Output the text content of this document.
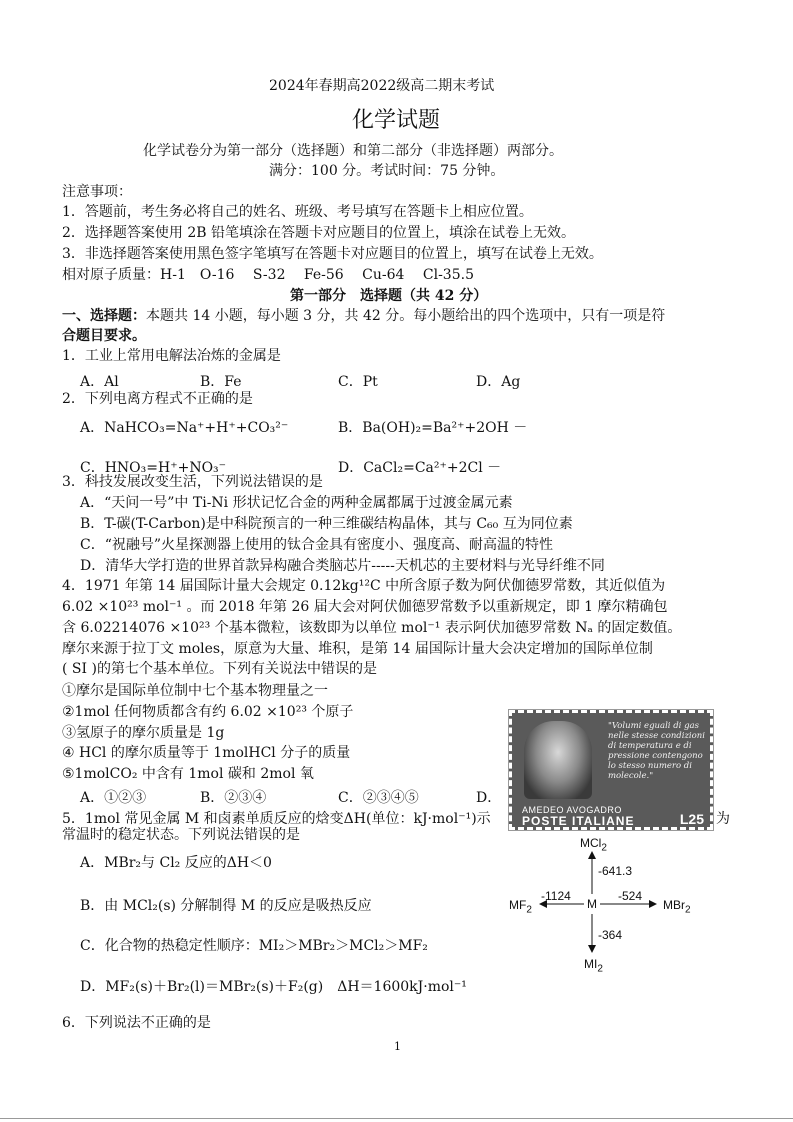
2024年春期高2022级高二期末考试
化学试题
化学试卷分为第一部分（选择题）和第二部分（非选择题）两部分。
满分：100 分。考试时间：75 分钟。
注意事项：
1．答题前，考生务必将自己的姓名、班级、考号填写在答题卡上相应位置。
2．选择题答案使用 2B 铅笔填涂在答题卡对应题目的位置上，填涂在试卷上无效。
3．非选择题答案使用黑色签字笔填写在答题卡对应题目的位置上，填写在试卷上无效。
相对原子质量：H-1　O-16　 S-32　 Fe-56　 Cu-64　 Cl-35.5
第一部分　选择题（共 42 分）
一、选择题：本题共 14 小题，每小题 3 分，共 42 分。每小题给出的四个选项中，只有一项是符
合题目要求。
1．工业上常用电解法冶炼的金属是
A．Al	B．Fe	C．Pt	D．Ag
2．下列电离方程式不正确的是
A．NaHCO₃=Na⁺+H⁺+CO₃²⁻	B．Ba(OH)₂=Ba²⁺+2OH －
C．HNO₃=H⁺+NO₃⁻	D．CaCl₂=Ca²⁺+2Cl －
3．科技发展改变生活，下列说法错误的是
A．“天问一号”中 Ti-Ni 形状记忆合金的两种金属都属于过渡金属元素
B．T-碳(T-Carbon)是中科院预言的一种三维碳结构晶体，其与 C₆₀ 互为同位素
C．“祝融号”火星探测器上使用的钛合金具有密度小、强度高、耐高温的特性
D．清华大学打造的世界首款异构融合类脑芯片-----天机芯的主要材料与光导纤维不同
4．1971 年第 14 届国际计量大会规定 0.12kg¹²C 中所含原子数为阿伏伽德罗常数，其近似值为
6.02 ×10²³ mol⁻¹ 。而 2018 年第 26 届大会对阿伏伽德罗常数予以重新规定，即 1 摩尔精确包
含 6.02214076 ×10²³ 个基本微粒，该数即为以单位 mol⁻¹ 表示阿伏加德罗常数 Nₐ 的固定数值。
摩尔来源于拉丁文 moles，原意为大量、堆积，是第 14 届国际计量大会决定增加的国际单位制
( SI )的第七个基本单位。下列有关说法中错误的是
①摩尔是国际单位制中七个基本物理量之一
②1mol 任何物质都含有约 6.02 ×10²³ 个原子
③氢原子的摩尔质量是 1g
④ HCl 的摩尔质量等于 1molHCl 分子的质量
⑤1molCO₂ 中含有 1mol 碳和 2mol 氧
A．①②③	B．②③④	C．②③④⑤	D．
"Volumi eguali di gas nelle stesse condizioni di temperatura e di pressione contengono lo stesso numero di molecole."
AMEDEO AVOGADRO
POSTE ITALIANE	L25
5．1mol 常见金属 M 和卤素单质反应的焓变ΔH(单位：kJ·mol⁻¹)示	为
常温时的稳定状态。下列说法错误的是
A．MBr₂与 Cl₂ 反应的ΔH＜0
B．由 MCl₂(s) 分解制得 M 的反应是吸热反应
C．化合物的热稳定性顺序：MI₂＞MBr₂＞MCl₂＞MF₂
D．MF₂(s)＋Br₂(l)＝MBr₂(s)＋F₂(g)　ΔH＝1600kJ·mol⁻¹
M
MCl$_2$
$MF_2$	MBr$_2$
$MI_2$
-641.3
-1124	-524
-364
6．下列说法不正确的是
1
